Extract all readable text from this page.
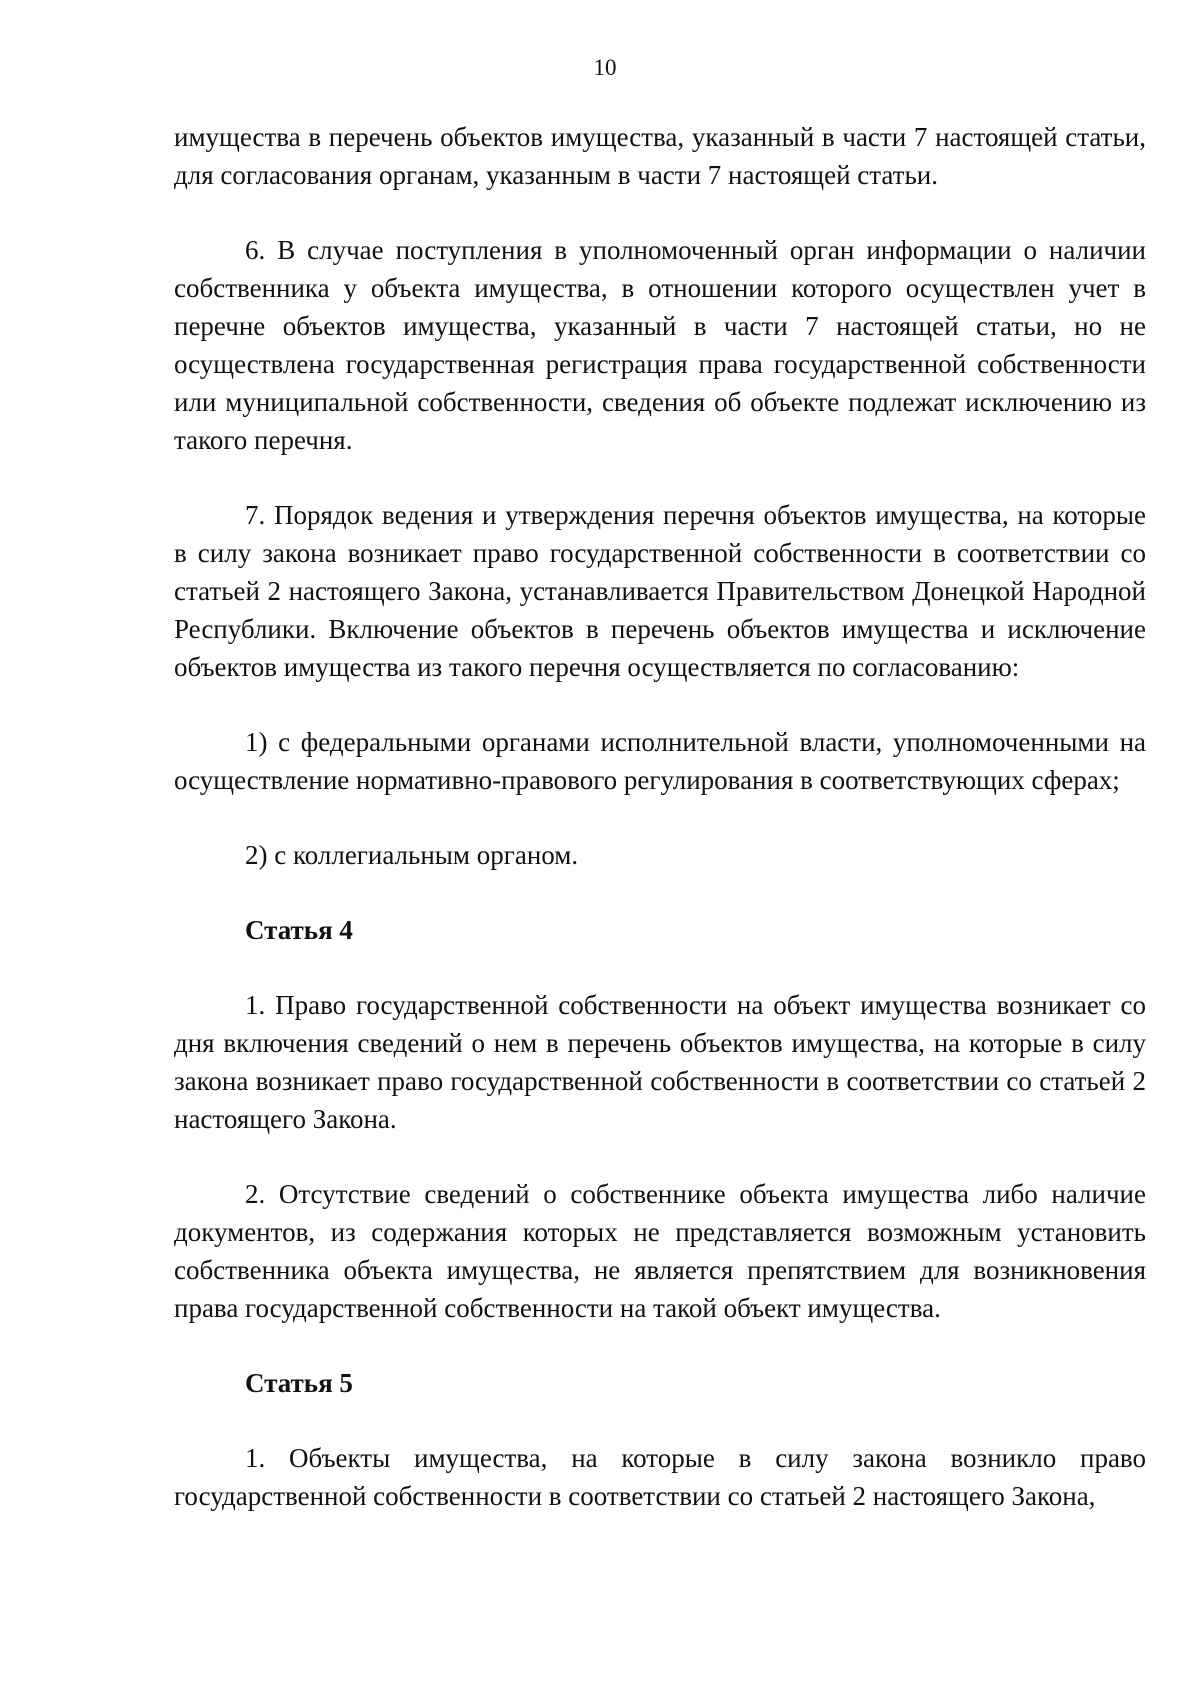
10

имущества в перечень объектов имущества, указанный в части 7 настоящей статьи, для согласования органам, указанным в части 7 настоящей статьи.

6. В случае поступления в уполномоченный орган информации о наличии собственника у объекта имущества, в отношении которого осуществлен учет в перечне объектов имущества, указанный в части 7 настоящей статьи, но не осуществлена государственная регистрация права государственной собственности или муниципальной собственности, сведения об объекте подлежат исключению из такого перечня.

7. Порядок ведения и утверждения перечня объектов имущества, на которые в силу закона возникает право государственной собственности в соответствии со статьей 2 настоящего Закона, устанавливается Правительством Донецкой Народной Республики. Включение объектов в перечень объектов имущества и исключение объектов имущества из такого перечня осуществляется по согласованию:

1) с федеральными органами исполнительной власти, уполномоченными на осуществление нормативно-правового регулирования в соответствующих сферах;

2) с коллегиальным органом.

Статья 4

1. Право государственной собственности на объект имущества возникает со дня включения сведений о нем в перечень объектов имущества, на которые в силу закона возникает право государственной собственности в соответствии со статьей 2 настоящего Закона.

2. Отсутствие сведений о собственнике объекта имущества либо наличие документов, из содержания которых не представляется возможным установить собственника объекта имущества, не является препятствием для возникновения права государственной собственности на такой объект имущества.

Статья 5

1. Объекты имущества, на которые в силу закона возникло право государственной собственности в соответствии со статьей 2 настоящего Закона,
